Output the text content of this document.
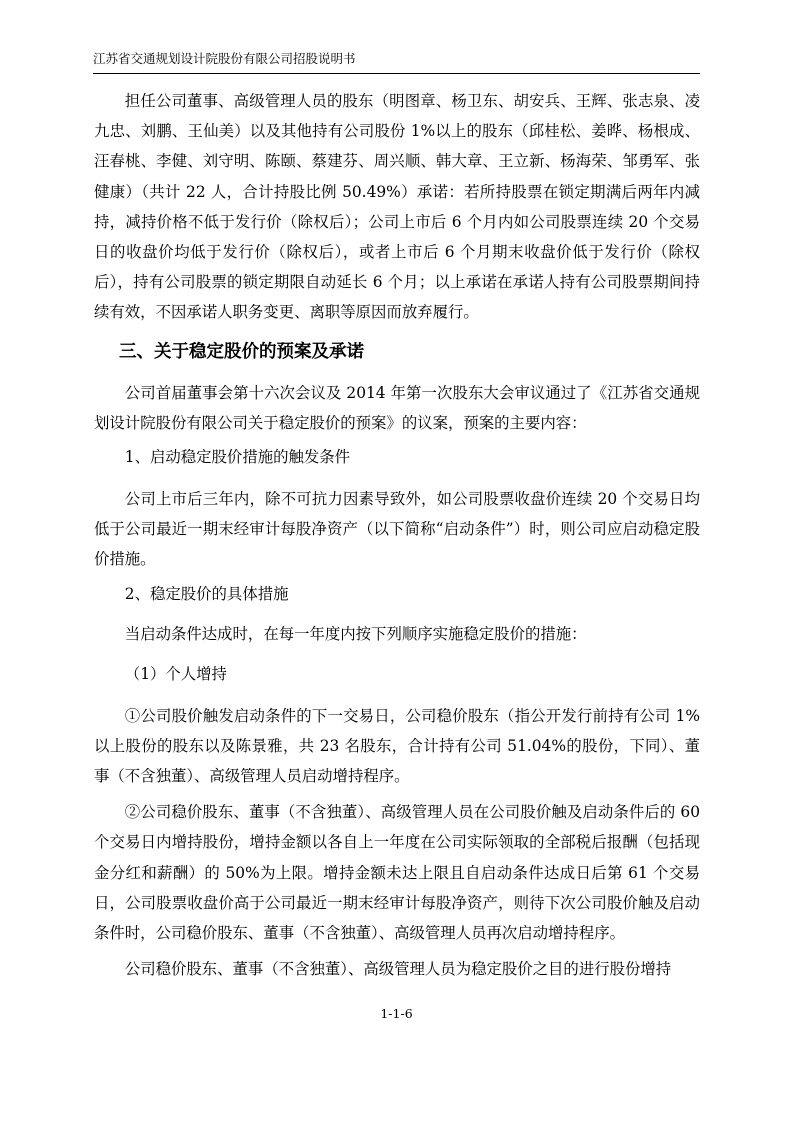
江苏省交通规划设计院股份有限公司招股说明书

担任公司董事、高级管理人员的股东（明图章、杨卫东、胡安兵、王辉、张志泉、凌九忠、刘鹏、王仙美）以及其他持有公司股份 1%以上的股东（邱桂松、姜晔、杨根成、汪春桃、李健、刘守明、陈颐、蔡建芬、周兴顺、韩大章、王立新、杨海荣、邹勇军、张健康）（共计 22 人，合计持股比例 50.49%）承诺：若所持股票在锁定期满后两年内减持，减持价格不低于发行价（除权后）；公司上市后 6 个月内如公司股票连续 20 个交易日的收盘价均低于发行价（除权后），或者上市后 6 个月期末收盘价低于发行价（除权后），持有公司股票的锁定期限自动延长 6 个月；以上承诺在承诺人持有公司股票期间持续有效，不因承诺人职务变更、离职等原因而放弃履行。

三、关于稳定股价的预案及承诺

公司首届董事会第十六次会议及 2014 年第一次股东大会审议通过了《江苏省交通规划设计院股份有限公司关于稳定股价的预案》的议案，预案的主要内容：

1、启动稳定股价措施的触发条件

公司上市后三年内，除不可抗力因素导致外，如公司股票收盘价连续 20 个交易日均低于公司最近一期末经审计每股净资产（以下简称“启动条件”）时，则公司应启动稳定股价措施。

2、稳定股价的具体措施

当启动条件达成时，在每一年度内按下列顺序实施稳定股价的措施：

（1）个人增持

①公司股价触发启动条件的下一交易日，公司稳价股东（指公开发行前持有公司 1%以上股份的股东以及陈景雅，共 23 名股东，合计持有公司 51.04%的股份，下同）、董事（不含独董）、高级管理人员启动增持程序。

②公司稳价股东、董事（不含独董）、高级管理人员在公司股价触及启动条件后的 60 个交易日内增持股份，增持金额以各自上一年度在公司实际领取的全部税后报酬（包括现金分红和薪酬）的 50%为上限。增持金额未达上限且自启动条件达成日后第 61 个交易日，公司股票收盘价高于公司最近一期末经审计每股净资产，则待下次公司股价触及启动条件时，公司稳价股东、董事（不含独董）、高级管理人员再次启动增持程序。

公司稳价股东、董事（不含独董）、高级管理人员为稳定股价之目的进行股份增持

1-1-6
